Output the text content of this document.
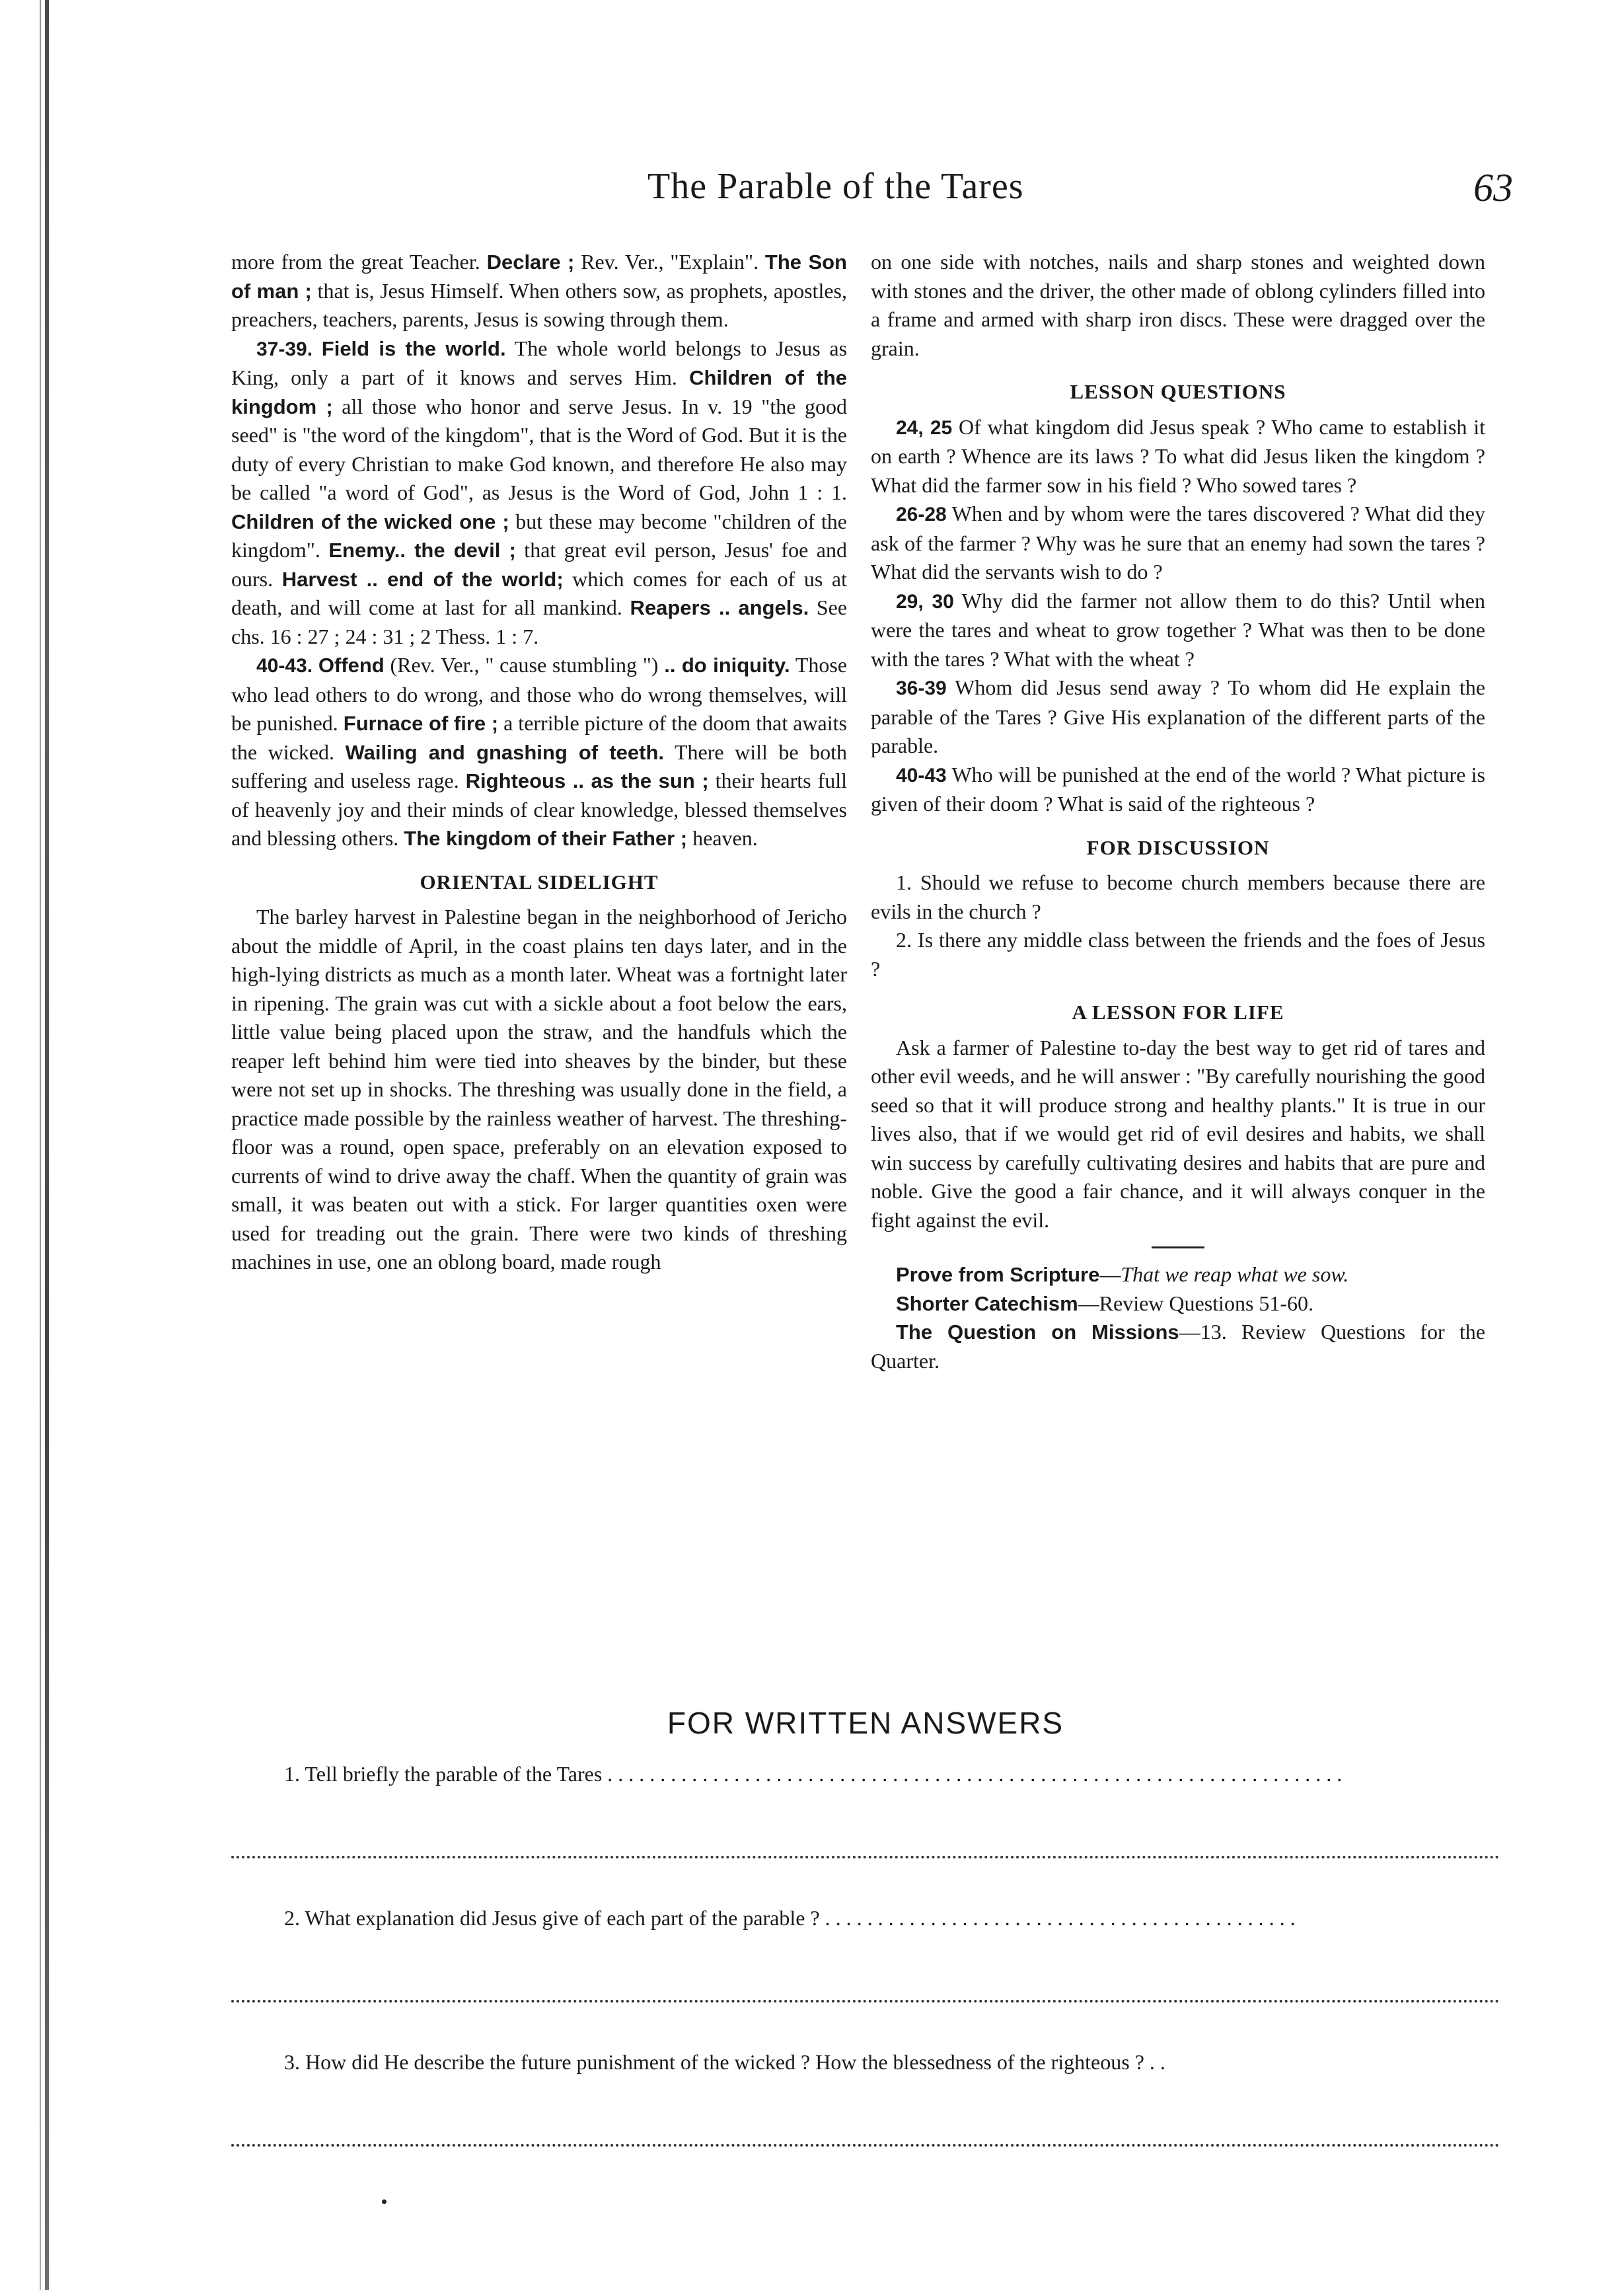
The Parable of the Tares	63

more from the great Teacher. Declare ; Rev. Ver., "Explain". The Son of man ; that is, Jesus Himself. When others sow, as prophets, apostles, preachers, teachers, parents, Jesus is sowing through them.

37-39. Field is the world. The whole world belongs to Jesus as King, only a part of it knows and serves Him. Children of the kingdom ; all those who honor and serve Jesus. In v. 19 "the good seed" is "the word of the kingdom", that is the Word of God. But it is the duty of every Christian to make God known, and therefore He also may be called "a word of God", as Jesus is the Word of God, John 1 : 1. Children of the wicked one ; but these may become "children of the kingdom". Enemy.. the devil ; that great evil person, Jesus' foe and ours. Harvest .. end of the world; which comes for each of us at death, and will come at last for all mankind. Reapers .. angels. See chs. 16 : 27 ; 24 : 31 ; 2 Thess. 1 : 7.

40-43. Offend (Rev. Ver., " cause stumbling ") .. do iniquity. Those who lead others to do wrong, and those who do wrong themselves, will be punished. Furnace of fire ; a terrible picture of the doom that awaits the wicked. Wailing and gnashing of teeth. There will be both suffering and useless rage. Righteous .. as the sun ; their hearts full of heavenly joy and their minds of clear knowledge, blessed themselves and blessing others. The kingdom of their Father ; heaven.

ORIENTAL SIDELIGHT

The barley harvest in Palestine began in the neighborhood of Jericho about the middle of April, in the coast plains ten days later, and in the high-lying districts as much as a month later. Wheat was a fortnight later in ripening. The grain was cut with a sickle about a foot below the ears, little value being placed upon the straw, and the handfuls which the reaper left behind him were tied into sheaves by the binder, but these were not set up in shocks. The threshing was usually done in the field, a practice made possible by the rainless weather of harvest. The threshing-floor was a round, open space, preferably on an elevation exposed to currents of wind to drive away the chaff. When the quantity of grain was small, it was beaten out with a stick. For larger quantities oxen were used for treading out the grain. There were two kinds of threshing machines in use, one an oblong board, made rough

on one side with notches, nails and sharp stones and weighted down with stones and the driver, the other made of oblong cylinders filled into a frame and armed with sharp iron discs. These were dragged over the grain.

LESSON QUESTIONS

24, 25 Of what kingdom did Jesus speak ? Who came to establish it on earth ? Whence are its laws ? To what did Jesus liken the kingdom ? What did the farmer sow in his field ? Who sowed tares ?

26-28 When and by whom were the tares discovered ? What did they ask of the farmer ? Why was he sure that an enemy had sown the tares ? What did the servants wish to do ?

29, 30 Why did the farmer not allow them to do this? Until when were the tares and wheat to grow together ? What was then to be done with the tares ? What with the wheat ?

36-39 Whom did Jesus send away ? To whom did He explain the parable of the Tares ? Give His explanation of the different parts of the parable.

40-43 Who will be punished at the end of the world ? What picture is given of their doom ? What is said of the righteous ?

FOR DISCUSSION

1. Should we refuse to become church members because there are evils in the church ?

2. Is there any middle class between the friends and the foes of Jesus ?

A LESSON FOR LIFE

Ask a farmer of Palestine to-day the best way to get rid of tares and other evil weeds, and he will answer : "By carefully nourishing the good seed so that it will produce strong and healthy plants." It is true in our lives also, that if we would get rid of evil desires and habits, we shall win success by carefully cultivating desires and habits that are pure and noble. Give the good a fair chance, and it will always conquer in the fight against the evil.

Prove from Scripture—That we reap what we sow.

Shorter Catechism—Review Questions 51-60.

The Question on Missions—13. Review Questions for the Quarter.

FOR WRITTEN ANSWERS
1. Tell briefly the parable of the Tares . . . . . . . . . . . . . . . . . . . . . . . . . . . . . . . . . . . . . . . . . . . . . . . . . . . . . . . . . . . . . . . . . . . . . .
2. What explanation did Jesus give of each part of the parable ? . . . . . . . . . . . . . . . . . . . . . . . . . . . . . . . . . . . . . . . . . . . . .
3. How did He describe the future punishment of the wicked ? How the blessedness of the righteous ? . .
